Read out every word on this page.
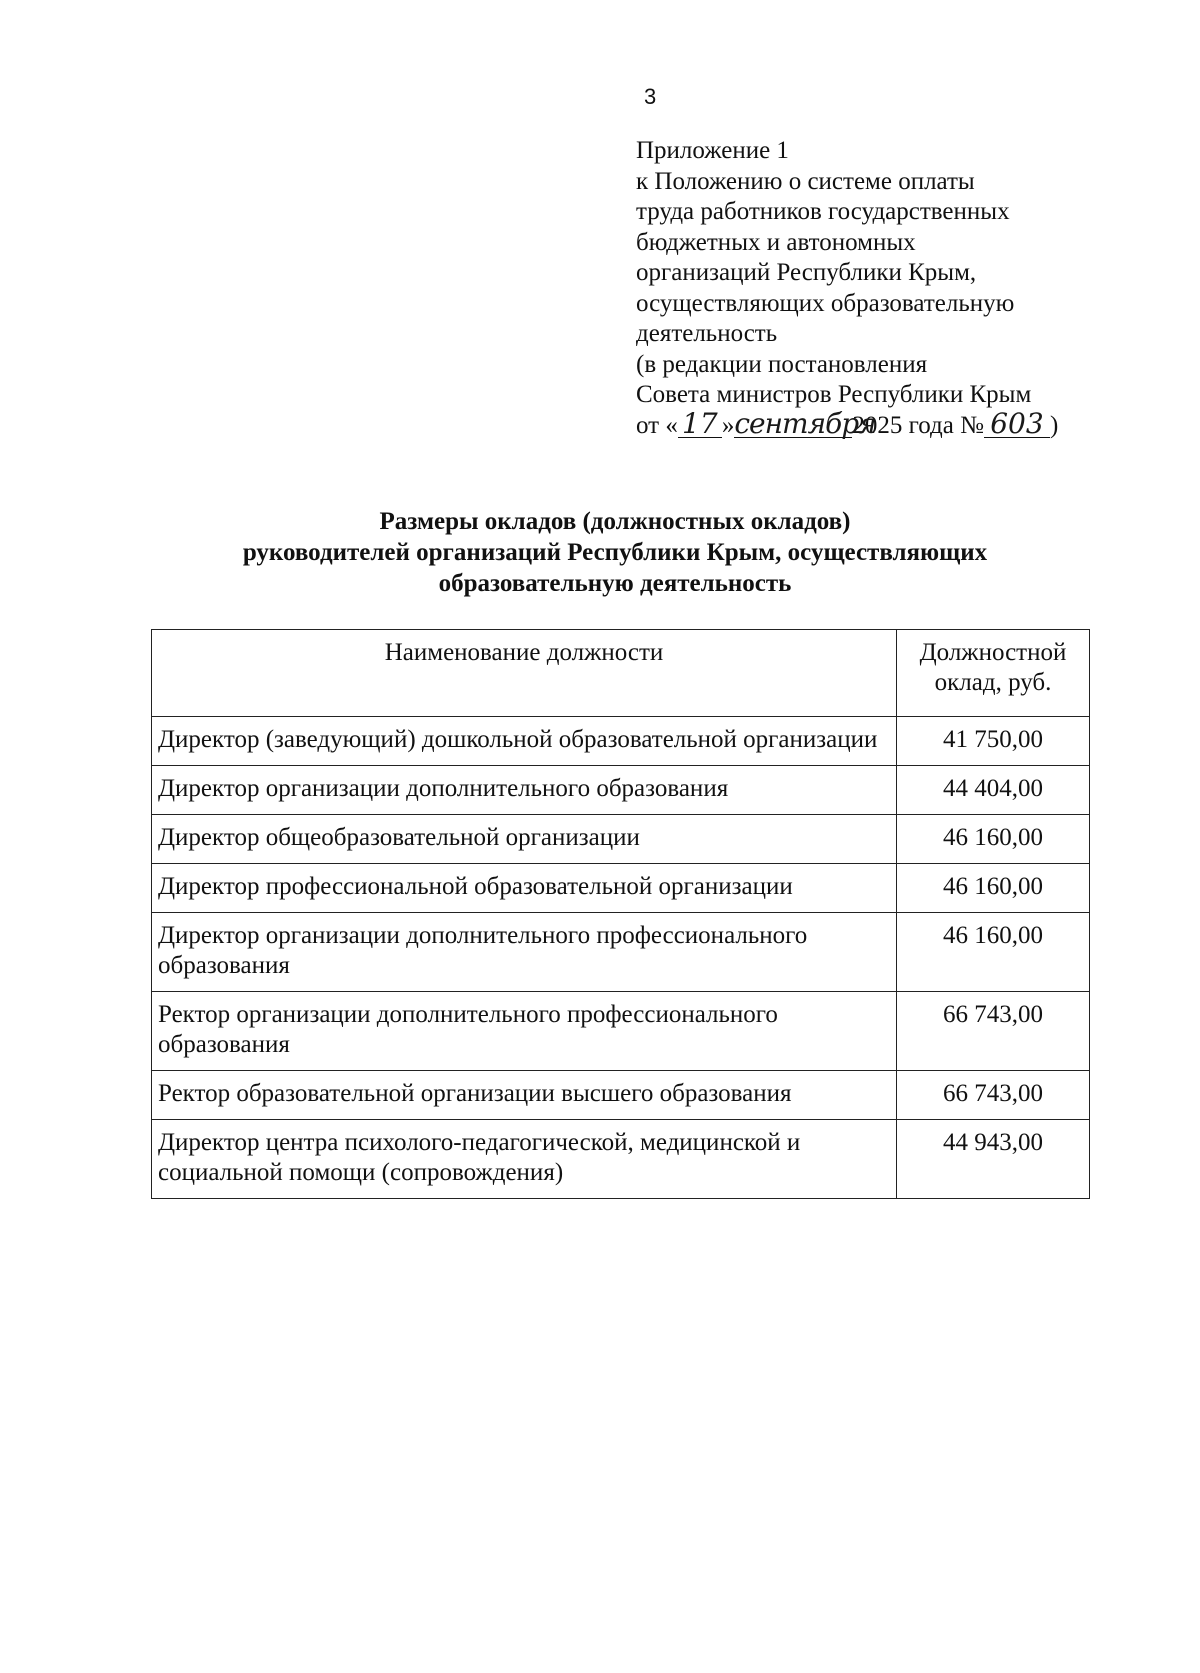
3
Приложение 1
к Положению о системе оплаты
труда работников государственных
бюджетных и автономных
организаций Республики Крым,
осуществляющих образовательную
деятельность
(в редакции постановления
Совета министров Республики Крым
от « 17 »сентября2025 года № 603 )
Размеры окладов (должностных окладов)
руководителей организаций Республики Крым, осуществляющих
образовательную деятельность
Наименование должности	Должностной
оклад, руб.
Директор (заведующий) дошкольной образовательной организации	41 750,00
Директор организации дополнительного образования	44 404,00
Директор общеобразовательной организации	46 160,00
Директор профессиональной образовательной организации	46 160,00
Директор организации дополнительного профессионального образования	46 160,00
Ректор организации дополнительного профессионального образования	66 743,00
Ректор образовательной организации высшего образования	66 743,00
Директор центра психолого-педагогической, медицинской и социальной помощи (сопровождения)	44 943,00
